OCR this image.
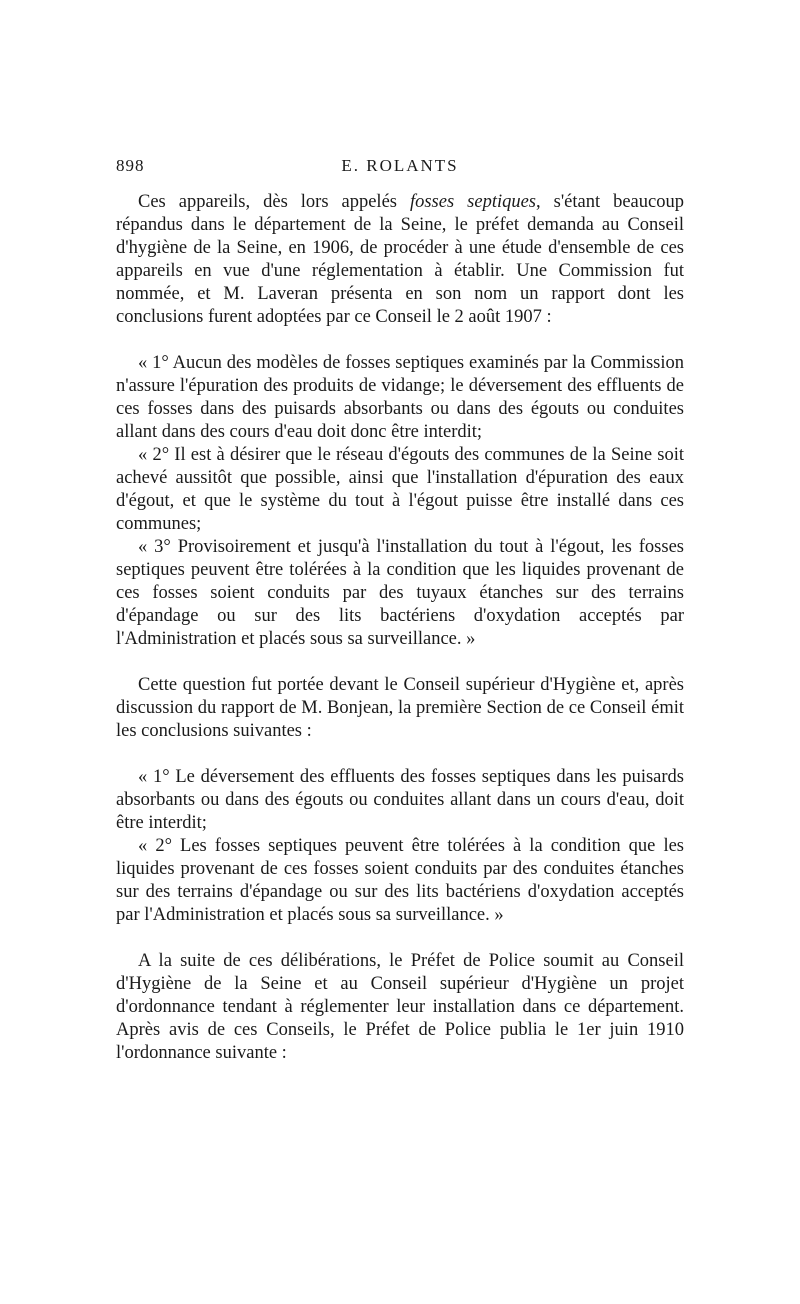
898	E. ROLANTS

Ces appareils, dès lors appelés fosses septiques, s'étant beaucoup répandus dans le département de la Seine, le préfet demanda au Conseil d'hygiène de la Seine, en 1906, de procéder à une étude d'ensemble de ces appareils en vue d'une réglementation à établir. Une Commission fut nommée, et M. Laveran présenta en son nom un rapport dont les conclusions furent adoptées par ce Conseil le 2 août 1907 :

« 1° Aucun des modèles de fosses septiques examinés par la Commission n'assure l'épuration des produits de vidange; le déversement des effluents de ces fosses dans des puisards absorbants ou dans des égouts ou conduites allant dans des cours d'eau doit donc être interdit;

« 2° Il est à désirer que le réseau d'égouts des communes de la Seine soit achevé aussitôt que possible, ainsi que l'installation d'épuration des eaux d'égout, et que le système du tout à l'égout puisse être installé dans ces communes;

« 3° Provisoirement et jusqu'à l'installation du tout à l'égout, les fosses septiques peuvent être tolérées à la condition que les liquides provenant de ces fosses soient conduits par des tuyaux étanches sur des terrains d'épandage ou sur des lits bactériens d'oxydation acceptés par l'Administration et placés sous sa surveillance. »

Cette question fut portée devant le Conseil supérieur d'Hygiène et, après discussion du rapport de M. Bonjean, la première Section de ce Conseil émit les conclusions suivantes :

« 1° Le déversement des effluents des fosses septiques dans les puisards absorbants ou dans des égouts ou conduites allant dans un cours d'eau, doit être interdit;

« 2° Les fosses septiques peuvent être tolérées à la condition que les liquides provenant de ces fosses soient conduits par des conduites étanches sur des terrains d'épandage ou sur des lits bactériens d'oxydation acceptés par l'Administration et placés sous sa surveillance. »

A la suite de ces délibérations, le Préfet de Police soumit au Conseil d'Hygiène de la Seine et au Conseil supérieur d'Hygiène un projet d'ordonnance tendant à réglementer leur installation dans ce département. Après avis de ces Conseils, le Préfet de Police publia le 1er juin 1910 l'ordonnance suivante :
